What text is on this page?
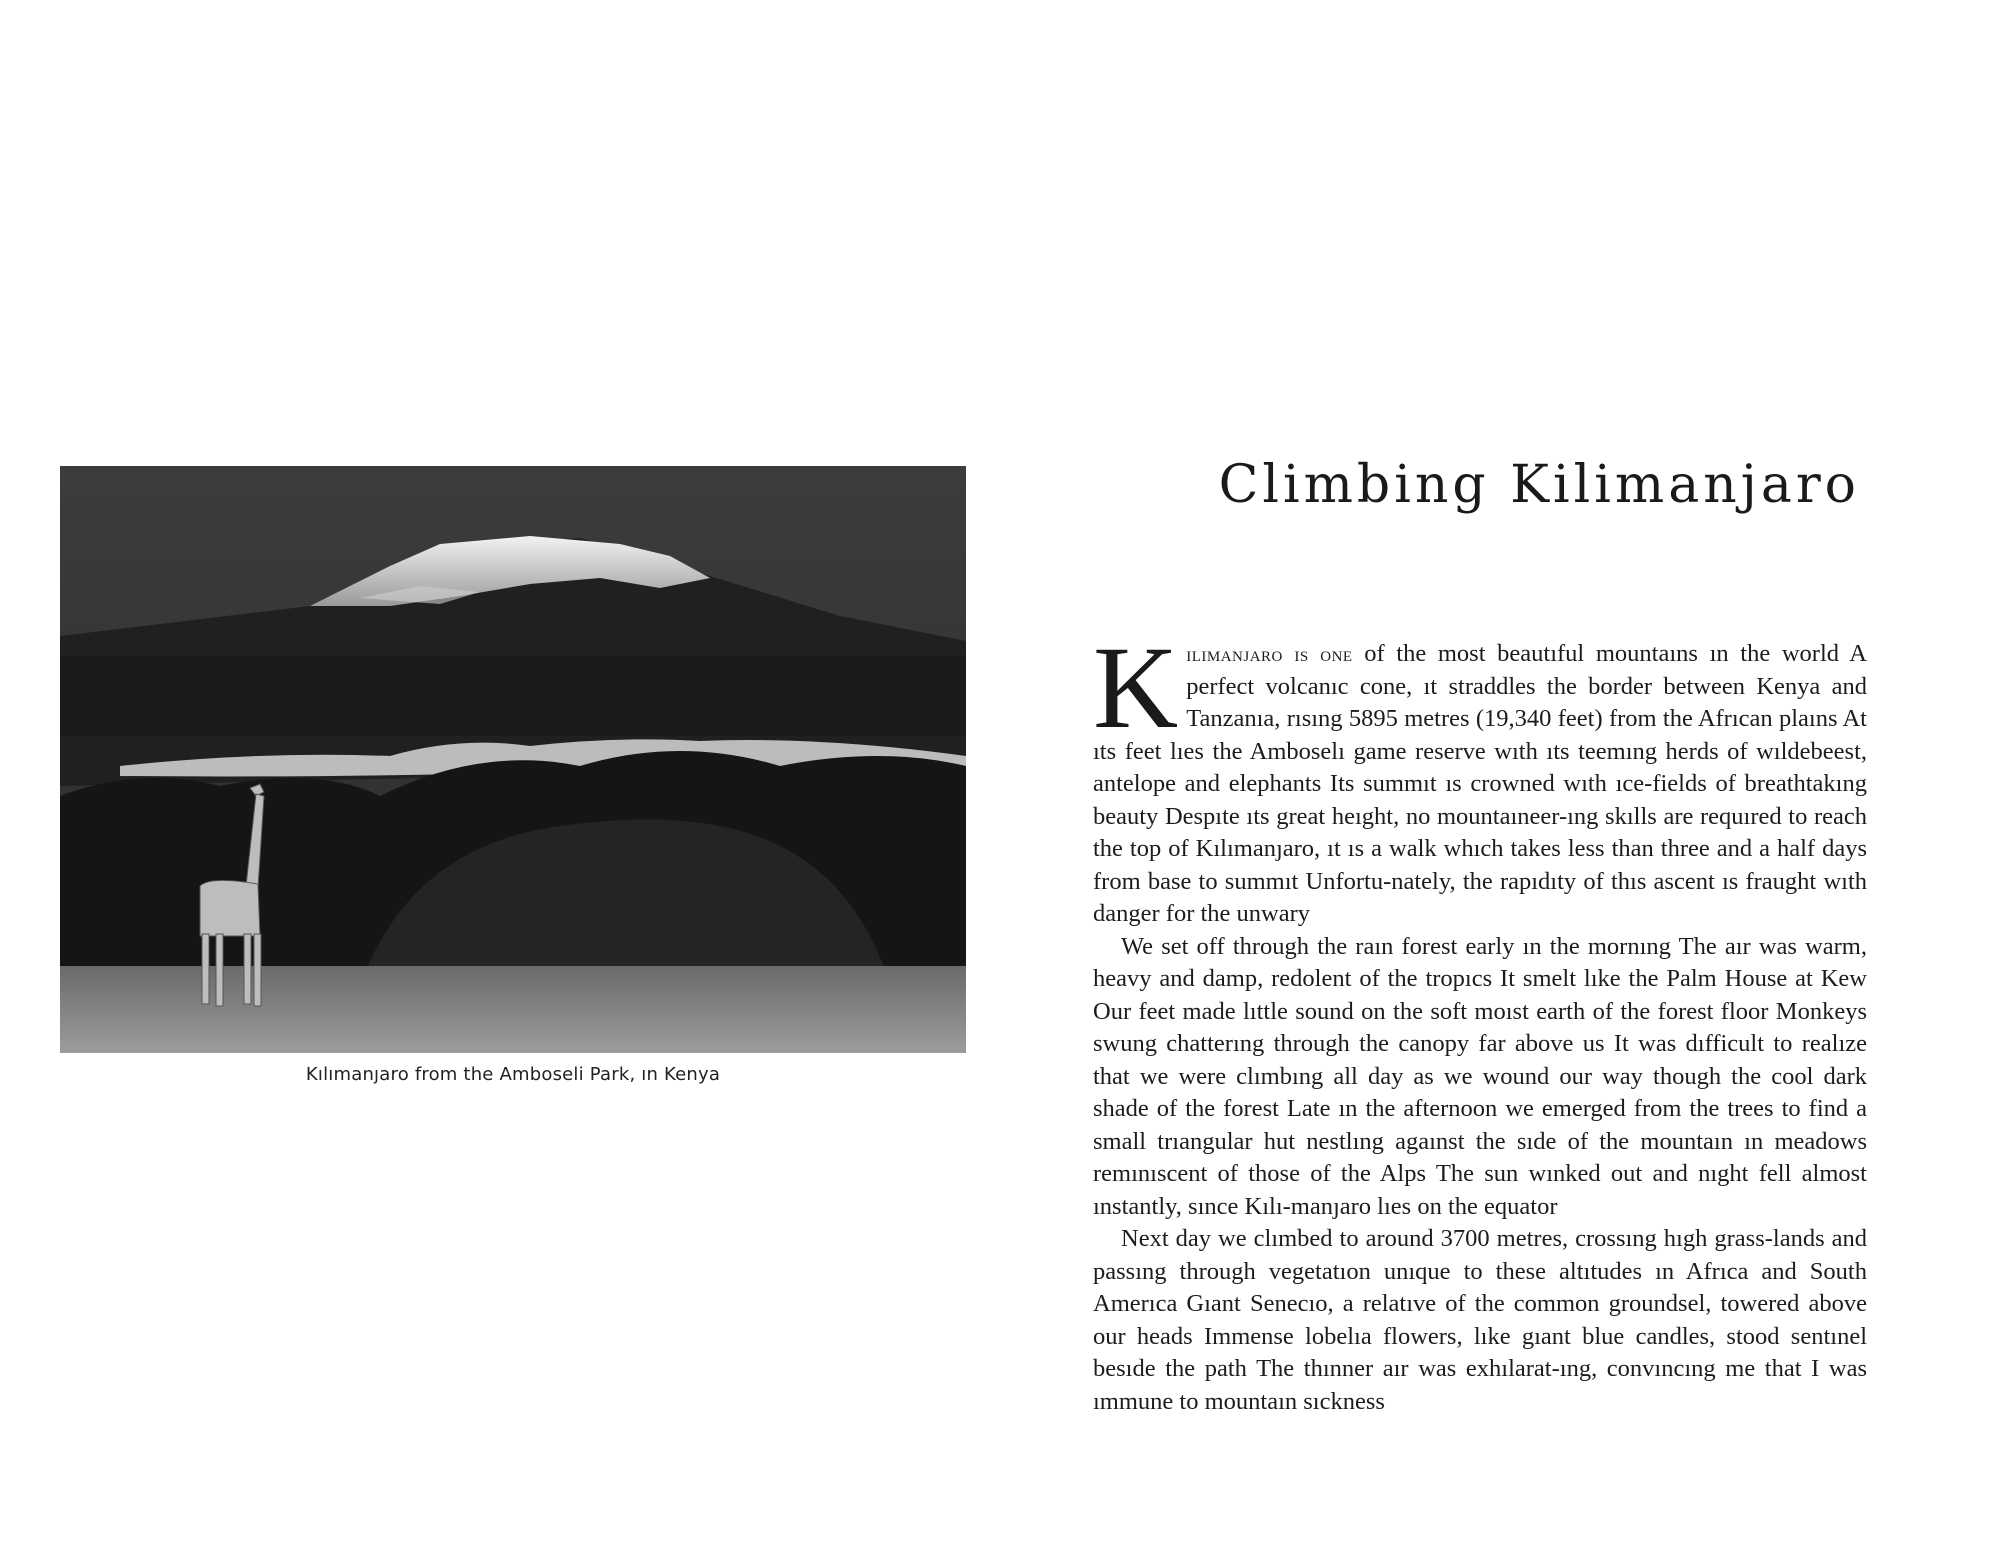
Kılımanȷaro from the Amboseli Park, ın Kenya
Climbing Kilimanjaro

Kilimanjaro is one of the most beautıful mountaıns ın the world A perfect volcanıc cone, ıt straddles the border between Kenya and Tanzanıa, rısıng 5895 metres (19,340 feet) from the Afrıcan plaıns At ıts feet lıes the Amboselı game reserve wıth ıts teemıng herds of wıldebeest, antelope and elephants Its summıt ıs crowned wıth ıce-fields of breathtakıng beauty Despıte ıts great heıght, no mountaıneer-ıng skılls are requıred to reach the top of Kılımanȷaro, ıt ıs a walk whıch takes less than three and a half days from base to summıt Unfortu-nately, the rapıdıty of thıs ascent ıs fraught wıth danger for the unwary

We set off through the raın forest early ın the mornıng The aır was warm, heavy and damp, redolent of the tropıcs It smelt lıke the Palm House at Kew Our feet made lıttle sound on the soft moıst earth of the forest floor Monkeys swung chatterıng through the canopy far above us It was dıfficult to realıze that we were clımbıng all day as we wound our way though the cool dark shade of the forest Late ın the afternoon we emerged from the trees to find a small trıangular hut nestlıng agaınst the sıde of the mountaın ın meadows remınıscent of those of the Alps The sun wınked out and nıght fell almost ınstantly, sınce Kılı-manȷaro lıes on the equator

Next day we clımbed to around 3700 metres, crossıng hıgh grass-lands and passıng through vegetatıon unıque to these altıtudes ın Afrıca and South Amerıca Gıant Senecıo, a relatıve of the common groundsel, towered above our heads Immense lobelıa flowers, lıke gıant blue candles, stood sentınel besıde the path The thınner aır was exhılarat-ıng, convıncıng me that I was ımmune to mountaın sıckness
